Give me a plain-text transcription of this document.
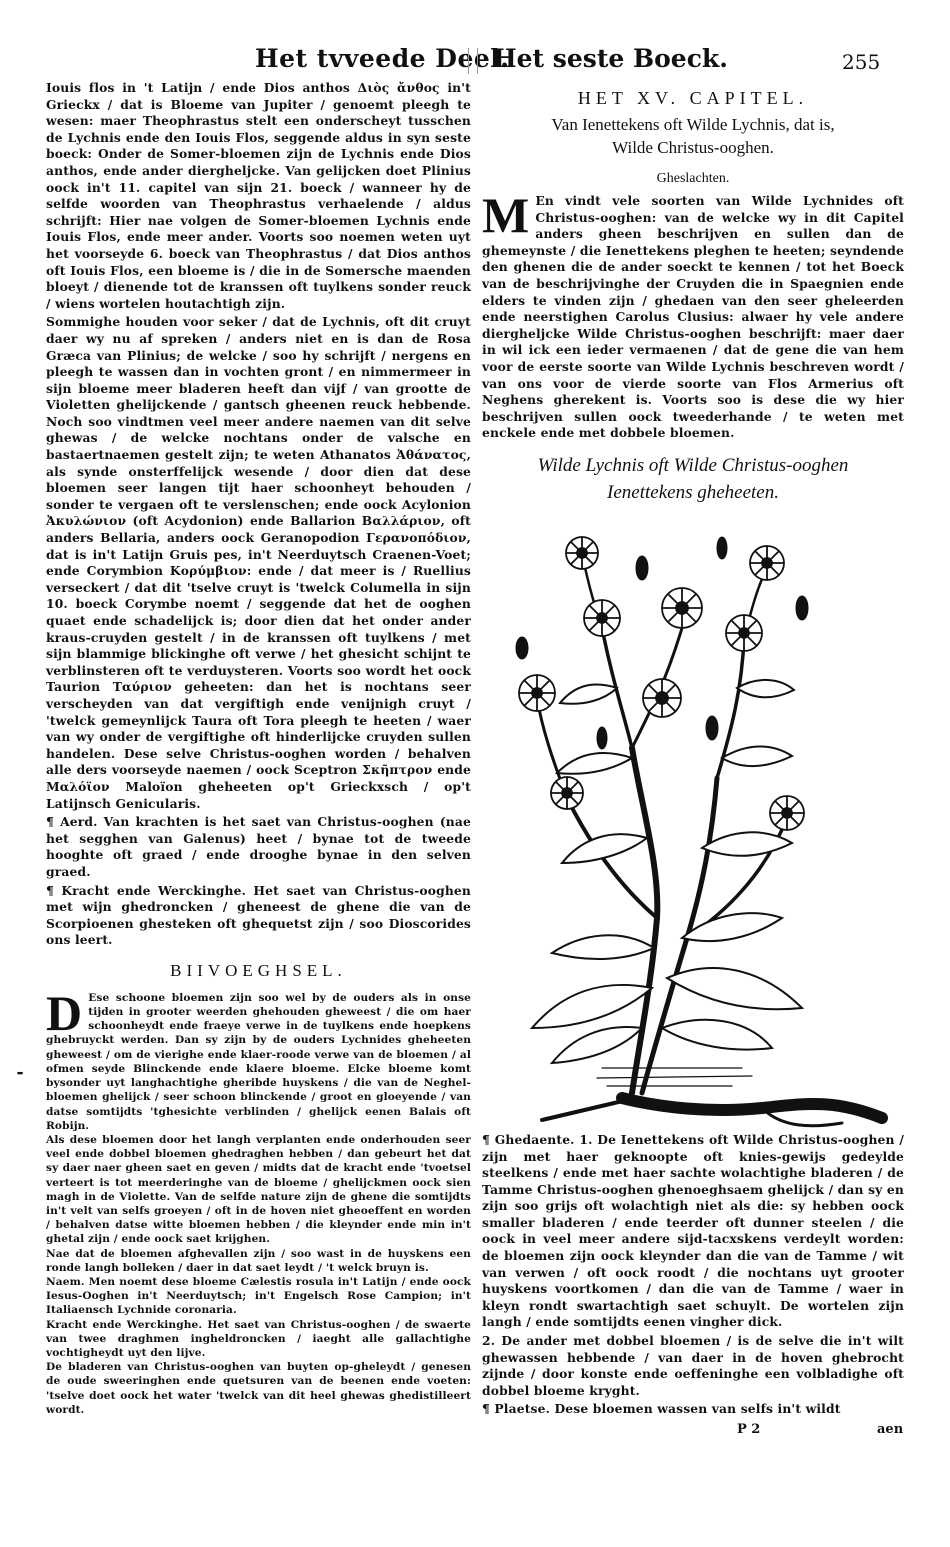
Het tvveede Deel.
Het seste Boeck.	255

Iouis flos in 't Latijn / ende Dios anthos Διὸς ἄνθος in't Grieckx / dat is Bloeme van Jupiter / genoemt pleegh te wesen: maer Theophrastus stelt een onderscheyt tusschen de Lychnis ende den Iouis Flos, seggende aldus in syn seste boeck: Onder de Somer-bloemen zijn de Lychnis ende Dios anthos, ende ander diergheljcke. Van gelijcken doet Plinius oock in't 11. capitel van sijn 21. boeck / wanneer hy de selfde woorden van Theophrastus verhaelende / aldus schrijft: Hier nae volgen de Somer-bloemen Lychnis ende Iouis Flos, ende meer ander. Voorts soo noemen weten uyt het voorseyde 6. boeck van Theophrastus / dat Dios anthos oft Iouis Flos, een bloeme is / die in de Somersche maenden bloeyt / dienende tot de kranssen oft tuylkens sonder reuck / wiens wortelen houtachtigh zijn.

Sommighe houden voor seker / dat de Lychnis, oft dit cruyt daer wy nu af spreken / anders niet en is dan de Rosa Græca van Plinius; de welcke / soo hy schrijft / nergens en pleegh te wassen dan in vochten gront / en nimmermeer in sijn bloeme meer bladeren heeft dan vijf / van grootte de Violetten ghelijckende / gantsch gheenen reuck hebbende. Noch soo vindtmen veel meer andere naemen van dit selve ghewas / de welcke nochtans onder de valsche en bastaertnaemen gestelt zijn; te weten Athanatos Ἀθάνατος, als synde onsterffelijck wesende / door dien dat dese bloemen seer langen tijt haer schoonheyt behouden / sonder te vergaen oft te verslenschen; ende oock Acylonion Ἀκυλώνιον (oft Acydonion) ende Ballarion Βαλλάριον, oft anders Bellaria, anders oock Geranopodion Γερανοπόδιον, dat is in't Latijn Gruis pes, in't Neerduytsch Craenen-Voet; ende Corymbion Κορύμβιον: ende / dat meer is / Ruellius verseckert / dat dit 'tselve cruyt is 'twelck Columella in sijn 10. boeck Corymbe noemt / seggende dat het de ooghen quaet ende schadelijck is; door dien dat het onder ander kraus-cruyden gestelt / in de kranssen oft tuylkens / met sijn blammige blickinghe oft verwe / het ghesicht schijnt te verblinsteren oft te verduysteren. Voorts soo wordt het oock Taurion Ταύριον geheeten: dan het is nochtans seer verscheyden van dat vergiftigh ende venijnigh cruyt / 'twelck gemeynlijck Taura oft Tora pleegh te heeten / waer van wy onder de vergiftighe oft hinderlijcke cruyden sullen handelen. Dese selve Christus-ooghen worden / behalven alle ders voorseyde naemen / oock Sceptron Σκῆπτρον ende Μαλόϊον Maloïon gheheeten op't Grieckxsch / op't Latijnsch Genicularis.

¶ Aerd. Van krachten is het saet van Christus-ooghen (nae het segghen van Galenus) heet / bynae tot de tweede hooghte oft graed / ende drooghe bynae in den selven graed.

¶ Kracht ende Werckinghe. Het saet van Christus-ooghen met wijn ghedroncken / gheneest de ghene die van de Scorpioenen ghesteken oft ghequetst zijn / soo Dioscorides ons leert.

BIIVOEGHSEL.

D Ese schoone bloemen zijn soo wel by de ouders als in onse tijden in grooter weerden ghehouden gheweest / die om haer schoonheydt ende fraeye verwe in de tuylkens ende hoepkens ghebruyckt werden. Dan sy zijn by de ouders Lychnides gheheeten gheweest / om de vierighe ende klaer-roode verwe van de bloemen / al ofmen seyde Blinckende ende klaere bloeme. Elcke bloeme komt bysonder uyt langhachtighe gheribde huyskens / die van de Neghel-bloemen ghelijck / seer schoon blinckende / groot en gloeyende / van datse somtijdts 'tghesichte verblinden / ghelijck eenen Balais oft Robijn.

Als dese bloemen door het langh verplanten ende onderhouden seer veel ende dobbel bloemen ghedraghen hebben / dan gebeurt het dat sy daer naer gheen saet en geven / midts dat de kracht ende 'tvoetsel verteert is tot meerderinghe van de bloeme / ghelijckmen oock sien magh in de Violette. Van de selfde nature zijn de ghene die somtijdts in't velt van selfs groeyen / oft in de hoven niet gheoeffent en worden / behalven datse witte bloemen hebben / die kleynder ende min in't ghetal zijn / ende oock saet krijghen.

Nae dat de bloemen afghevallen zijn / soo wast in de huyskens een ronde langh bolleken / daer in dat saet leydt / 't welck bruyn is.

Naem. Men noemt dese bloeme Cælestis rosula in't Latijn / ende oock Iesus-Ooghen in't Neerduytsch; in't Engelsch Rose Campion; in't Italiaensch Lychnide coronaria.

Kracht ende Werckinghe. Het saet van Christus-ooghen / de swaerte van twee draghmen ingheldroncken / iaeght alle gallachtighe vochtigheydt uyt den lijve.

De bladeren van Christus-ooghen van buyten op-gheleydt / genesen de oude sweeringhen ende quetsuren van de beenen ende voeten: 'tselve doet oock het water 'twelck van dit heel ghewas ghedistilleert wordt.

⁃
HET XV. CAPITEL.
Van Ienettekens oft Wilde Lychnis, dat is,
Wilde Christus-ooghen.
Gheslachten.

M En vindt vele soorten van Wilde Lychnides oft Christus-ooghen: van de welcke wy in dit Capitel anders gheen beschrijven en sullen dan de ghemeynste / die Ienettekens pleghen te heeten; seyndende den ghenen die de ander soeckt te kennen / tot het Boeck van de beschrijvinghe der Cruyden die in Spaegnien ende elders te vinden zijn / ghedaen van den seer gheleerden ende neerstighen Carolus Clusius: alwaer hy vele andere diergheljcke Wilde Christus-ooghen beschrijft: maer daer in wil ick een ieder vermaenen / dat de gene die van hem voor de eerste soorte van Wilde Lychnis beschreven wordt / van ons voor de vierde soorte van Flos Armerius oft Neghens gherekent is. Voorts soo is dese die wy hier beschrijven sullen oock tweederhande / te weten met enckele ende met dobbele bloemen.

Wilde Lychnis oft Wilde Christus-ooghen
Ienettekens gheheeten.

¶ Ghedaente. 1. De Ienettekens oft Wilde Christus-ooghen / zijn met haer geknoopte oft knies-gewijs gedeylde steelkens / ende met haer sachte wolachtighe bladeren / de Tamme Christus-ooghen ghenoeghsaem ghelijck / dan sy en zijn soo grijs oft wolachtigh niet als die: sy hebben oock smaller bladeren / ende teerder oft dunner steelen / die oock in veel meer andere sijd-tacxskens verdeylt worden: de bloemen zijn oock kleynder dan die van de Tamme / wit van verwen / oft oock roodt / die nochtans uyt grooter huyskens voortkomen / dan die van de Tamme / waer in kleyn rondt swartachtigh saet schuylt. De wortelen zijn langh / ende somtijdts eenen vingher dick.

2. De ander met dobbel bloemen / is de selve die in't wilt ghewassen hebbende / van daer in de hoven ghebrocht zijnde / door konste ende oeffeninghe een volbladighe oft dobbel bloeme kryght.

¶ Plaetse. Dese bloemen wassen van selfs in't wildt

P 2	aen
